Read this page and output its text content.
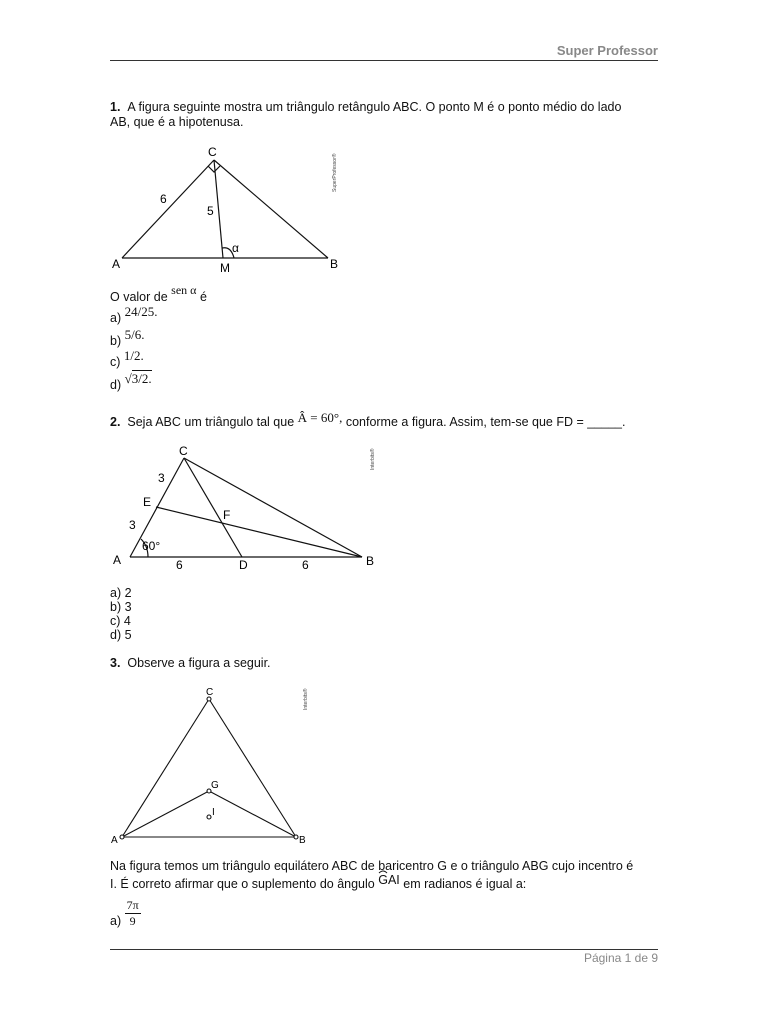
Super Professor
1. A figura seguinte mostra um triângulo retângulo ABC. O ponto M é o ponto médio do lado
AB, que é a hipotenusa.
C
A	B
M
6
5
α
SuperProfessor®
O valor de sen α é
a) 24/25.
b) 5/6.
c) 1/2.
d) √3/2.
2. Seja ABC um triângulo tal que Â = 60°, conforme a figura. Assim, tem-se que FD = _____.
C
E
F
A	D	B
3
3
6	6
60°
Interbits®
a) 2
b) 3
c) 4
d) 5
3. Observe a figura a seguir.
C
G
I
A	B
Interbits®
Na figura temos um triângulo equilátero ABC de baricentro G e o triângulo ABG cujo incentro é
I. É correto afirmar que o suplemento do ângulo GAI em radianos é igual a:
$a) \frac{7\pi}{9}$
Página 1 de 9
